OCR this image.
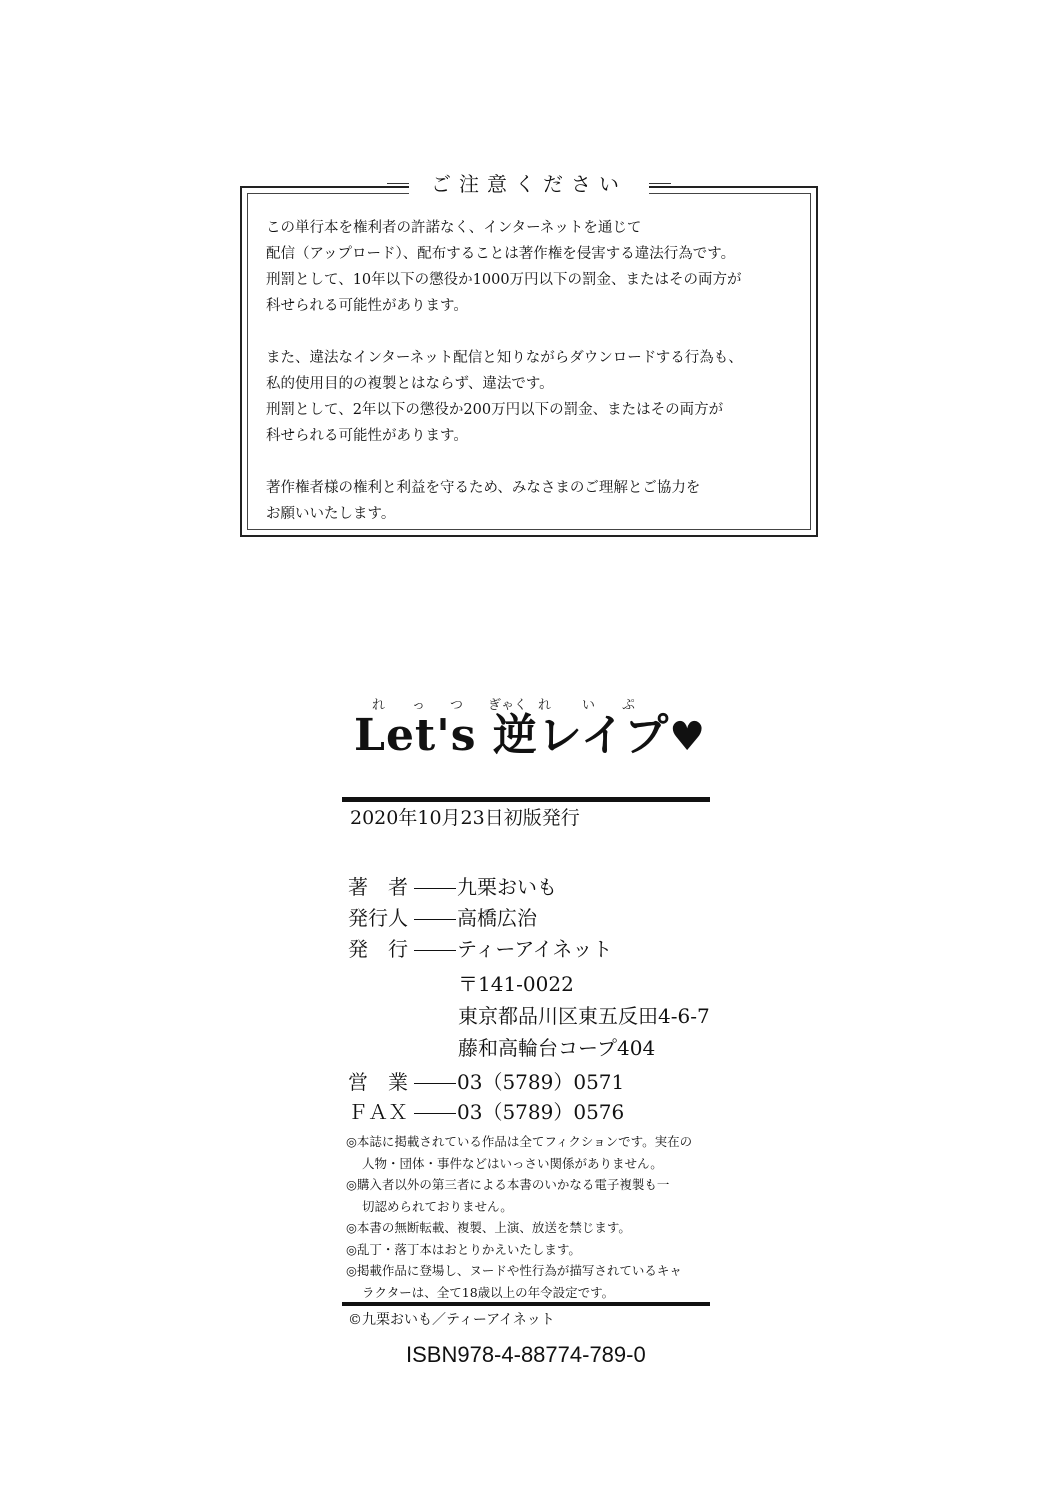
ご注意ください
この単行本を権利者の許諾なく、インターネットを通じて
配信（アップロード）、配布することは著作権を侵害する違法行為です。
刑罰として、10年以下の懲役か1000万円以下の罰金、またはその両方が
科せられる可能性があります。
また、違法なインターネット配信と知りながらダウンロードする行為も、
私的使用目的の複製とはならず、違法です。
刑罰として、2年以下の懲役か200万円以下の罰金、またはその両方が
科せられる可能性があります。
著作権者様の権利と利益を守るため、みなさまのご理解とご協力を
お願いいたします。
れ っ つ ぎゃく れ い ぷ
Let's 逆レイプ♥
2020年10月23日初版発行
著　者 九栗おいも
発行人 高橋広治
発　行 ティーアイネット
〒141-0022
東京都品川区東五反田4-6-7
藤和高輪台コープ404
営　業 03（5789）0571
ＦＡＸ 03（5789）0576
◎本誌に掲載されている作品は全てフィクションです。実在の
人物・団体・事件などはいっさい関係がありません。
◎購入者以外の第三者による本書のいかなる電子複製も一
切認められておりません。
◎本書の無断転載、複製、上演、放送を禁じます。
◎乱丁・落丁本はおとりかえいたします。
◎掲載作品に登場し、ヌードや性行為が描写されているキャ
ラクターは、全て18歳以上の年令設定です。
©九栗おいも／ティーアイネット
ISBN978-4-88774-789-0
